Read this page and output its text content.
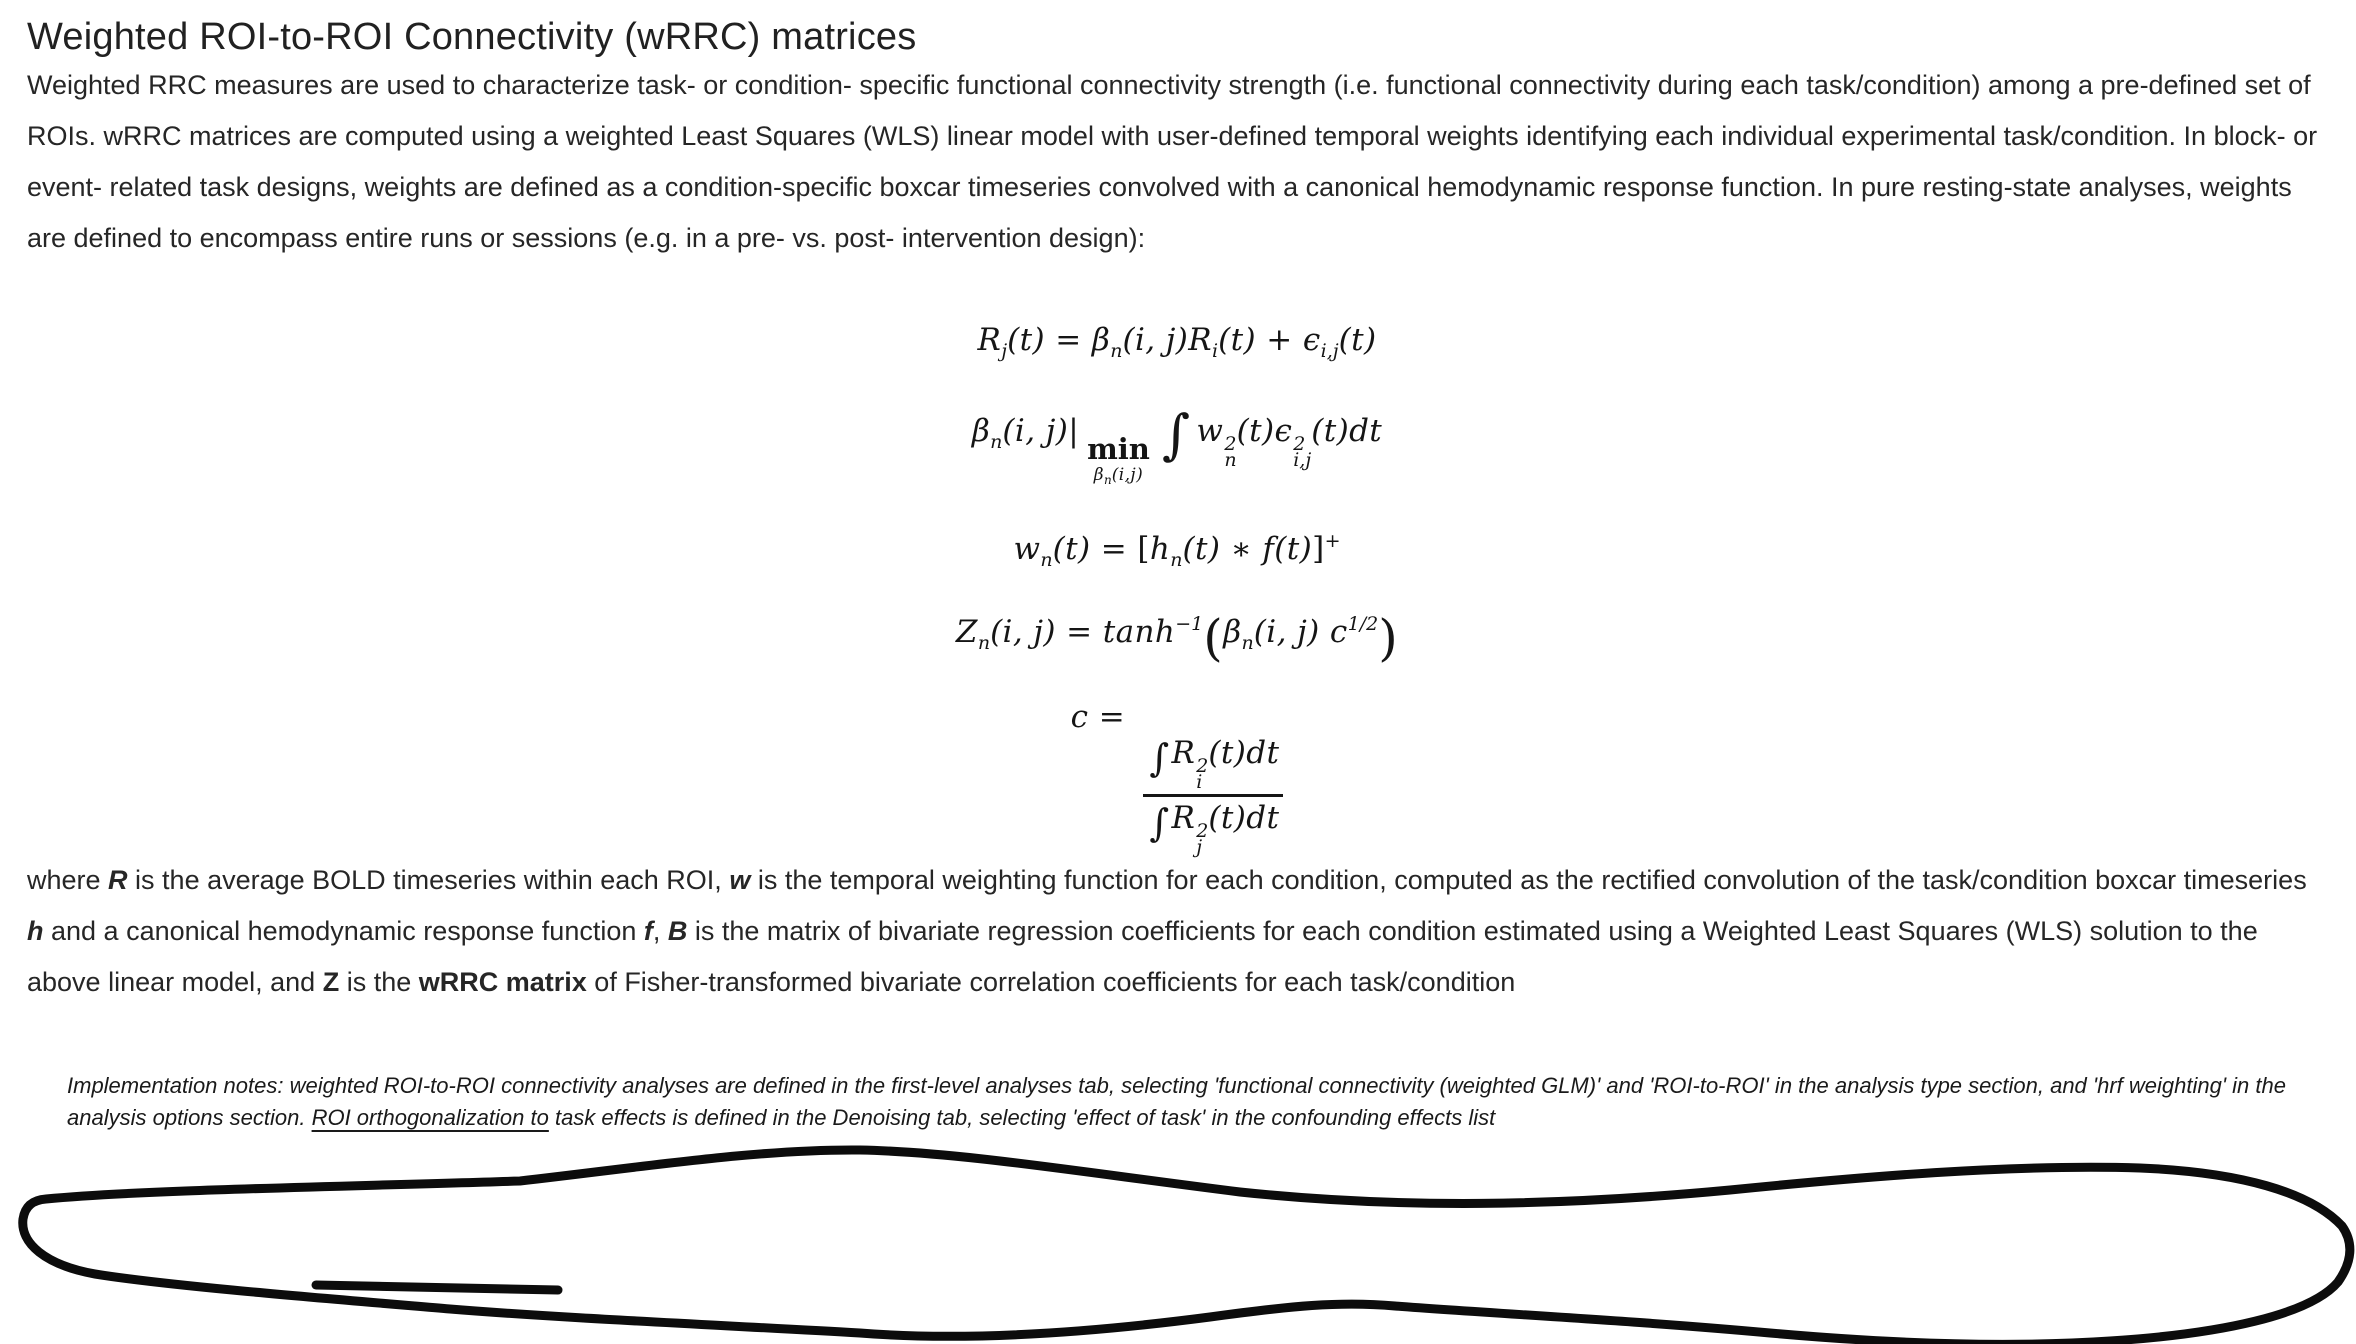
Weighted ROI-to-ROI Connectivity (wRRC) matrices

Weighted RRC measures are used to characterize task- or condition- specific functional connectivity strength (i.e. functional connectivity during each task/condition) among a pre-defined set of ROIs. wRRC matrices are computed using a weighted Least Squares (WLS) linear model with user-defined temporal weights identifying each individual experimental task/condition. In block- or event- related task designs, weights are defined as a condition-specific boxcar timeseries convolved with a canonical hemodynamic response function. In pure resting-state analyses, weights are defined to encompass entire runs or sessions (e.g. in a pre- vs. post- intervention design):

$R_j(t) = \beta_n(i$, $j)R_i(t) + \epsilon_{i,j}(t)$
$\beta_n(i$, j)| min
$\beta_n(i,j)$
∫ w 2
n
(t)ϵ 2
i,j
(t)dt
$w_n(t) = [h_n(t)$ ∗ f(t)]+
$Z_n(i$, $j) = \tanh^{-1}(\beta_n(i$, j) $c^{1/2}$)
c =
∫R 2
i
(t)dt
∫R 2
j
(t)dt

where R is the average BOLD timeseries within each ROI, w is the temporal weighting function for each condition, computed as the rectified convolution of the task/condition boxcar timeseries h and a canonical hemodynamic response function f, B is the matrix of bivariate regression coefficients for each condition estimated using a Weighted Least Squares (WLS) solution to the above linear model, and Z is the wRRC matrix of Fisher-transformed bivariate correlation coefficients for each task/condition

Implementation notes: weighted ROI-to-ROI connectivity analyses are defined in the first-level analyses tab, selecting 'functional connectivity (weighted GLM)' and 'ROI-to-ROI' in the analysis type section, and 'hrf weighting' in the analysis options section. ROI orthogonalization to task effects is defined in the Denoising tab, selecting 'effect of task' in the confounding effects list
